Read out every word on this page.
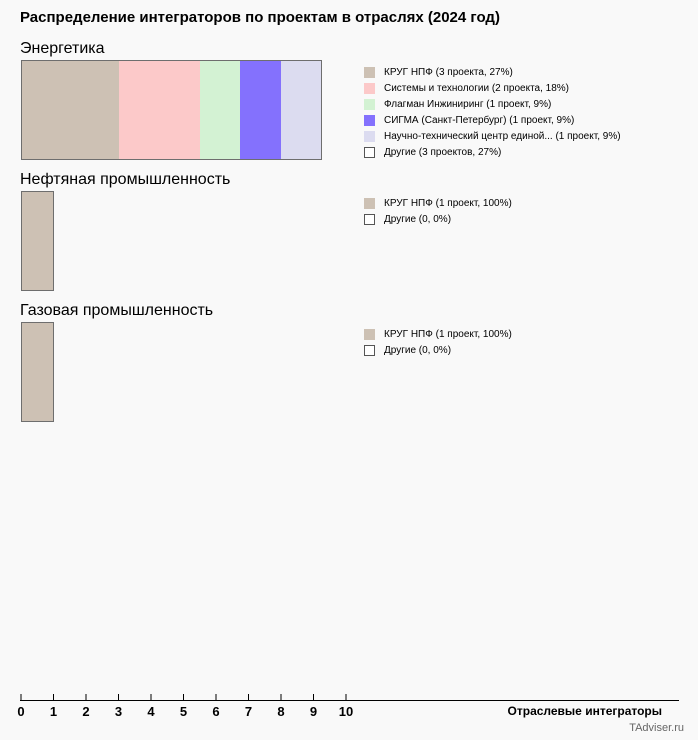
Распределение интеграторов по проектам в отраслях (2024 год)
Энергетика
КРУГ НПФ (3 проекта, 27%)
Системы и технологии (2 проекта, 18%)
Флагман Инжиниринг (1 проект, 9%)
СИГМА (Санкт-Петербург) (1 проект, 9%)
Научно-технический центр единой... (1 проект, 9%)
Другие (3 проектов, 27%)
Нефтяная промышленность
КРУГ НПФ (1 проект, 100%)
Другие (0, 0%)
Газовая промышленность
КРУГ НПФ (1 проект, 100%)
Другие (0, 0%)
0 1 2 3 4 5 6 7 8 9 10	Отраслевые интеграторы
TAdviser.ru
